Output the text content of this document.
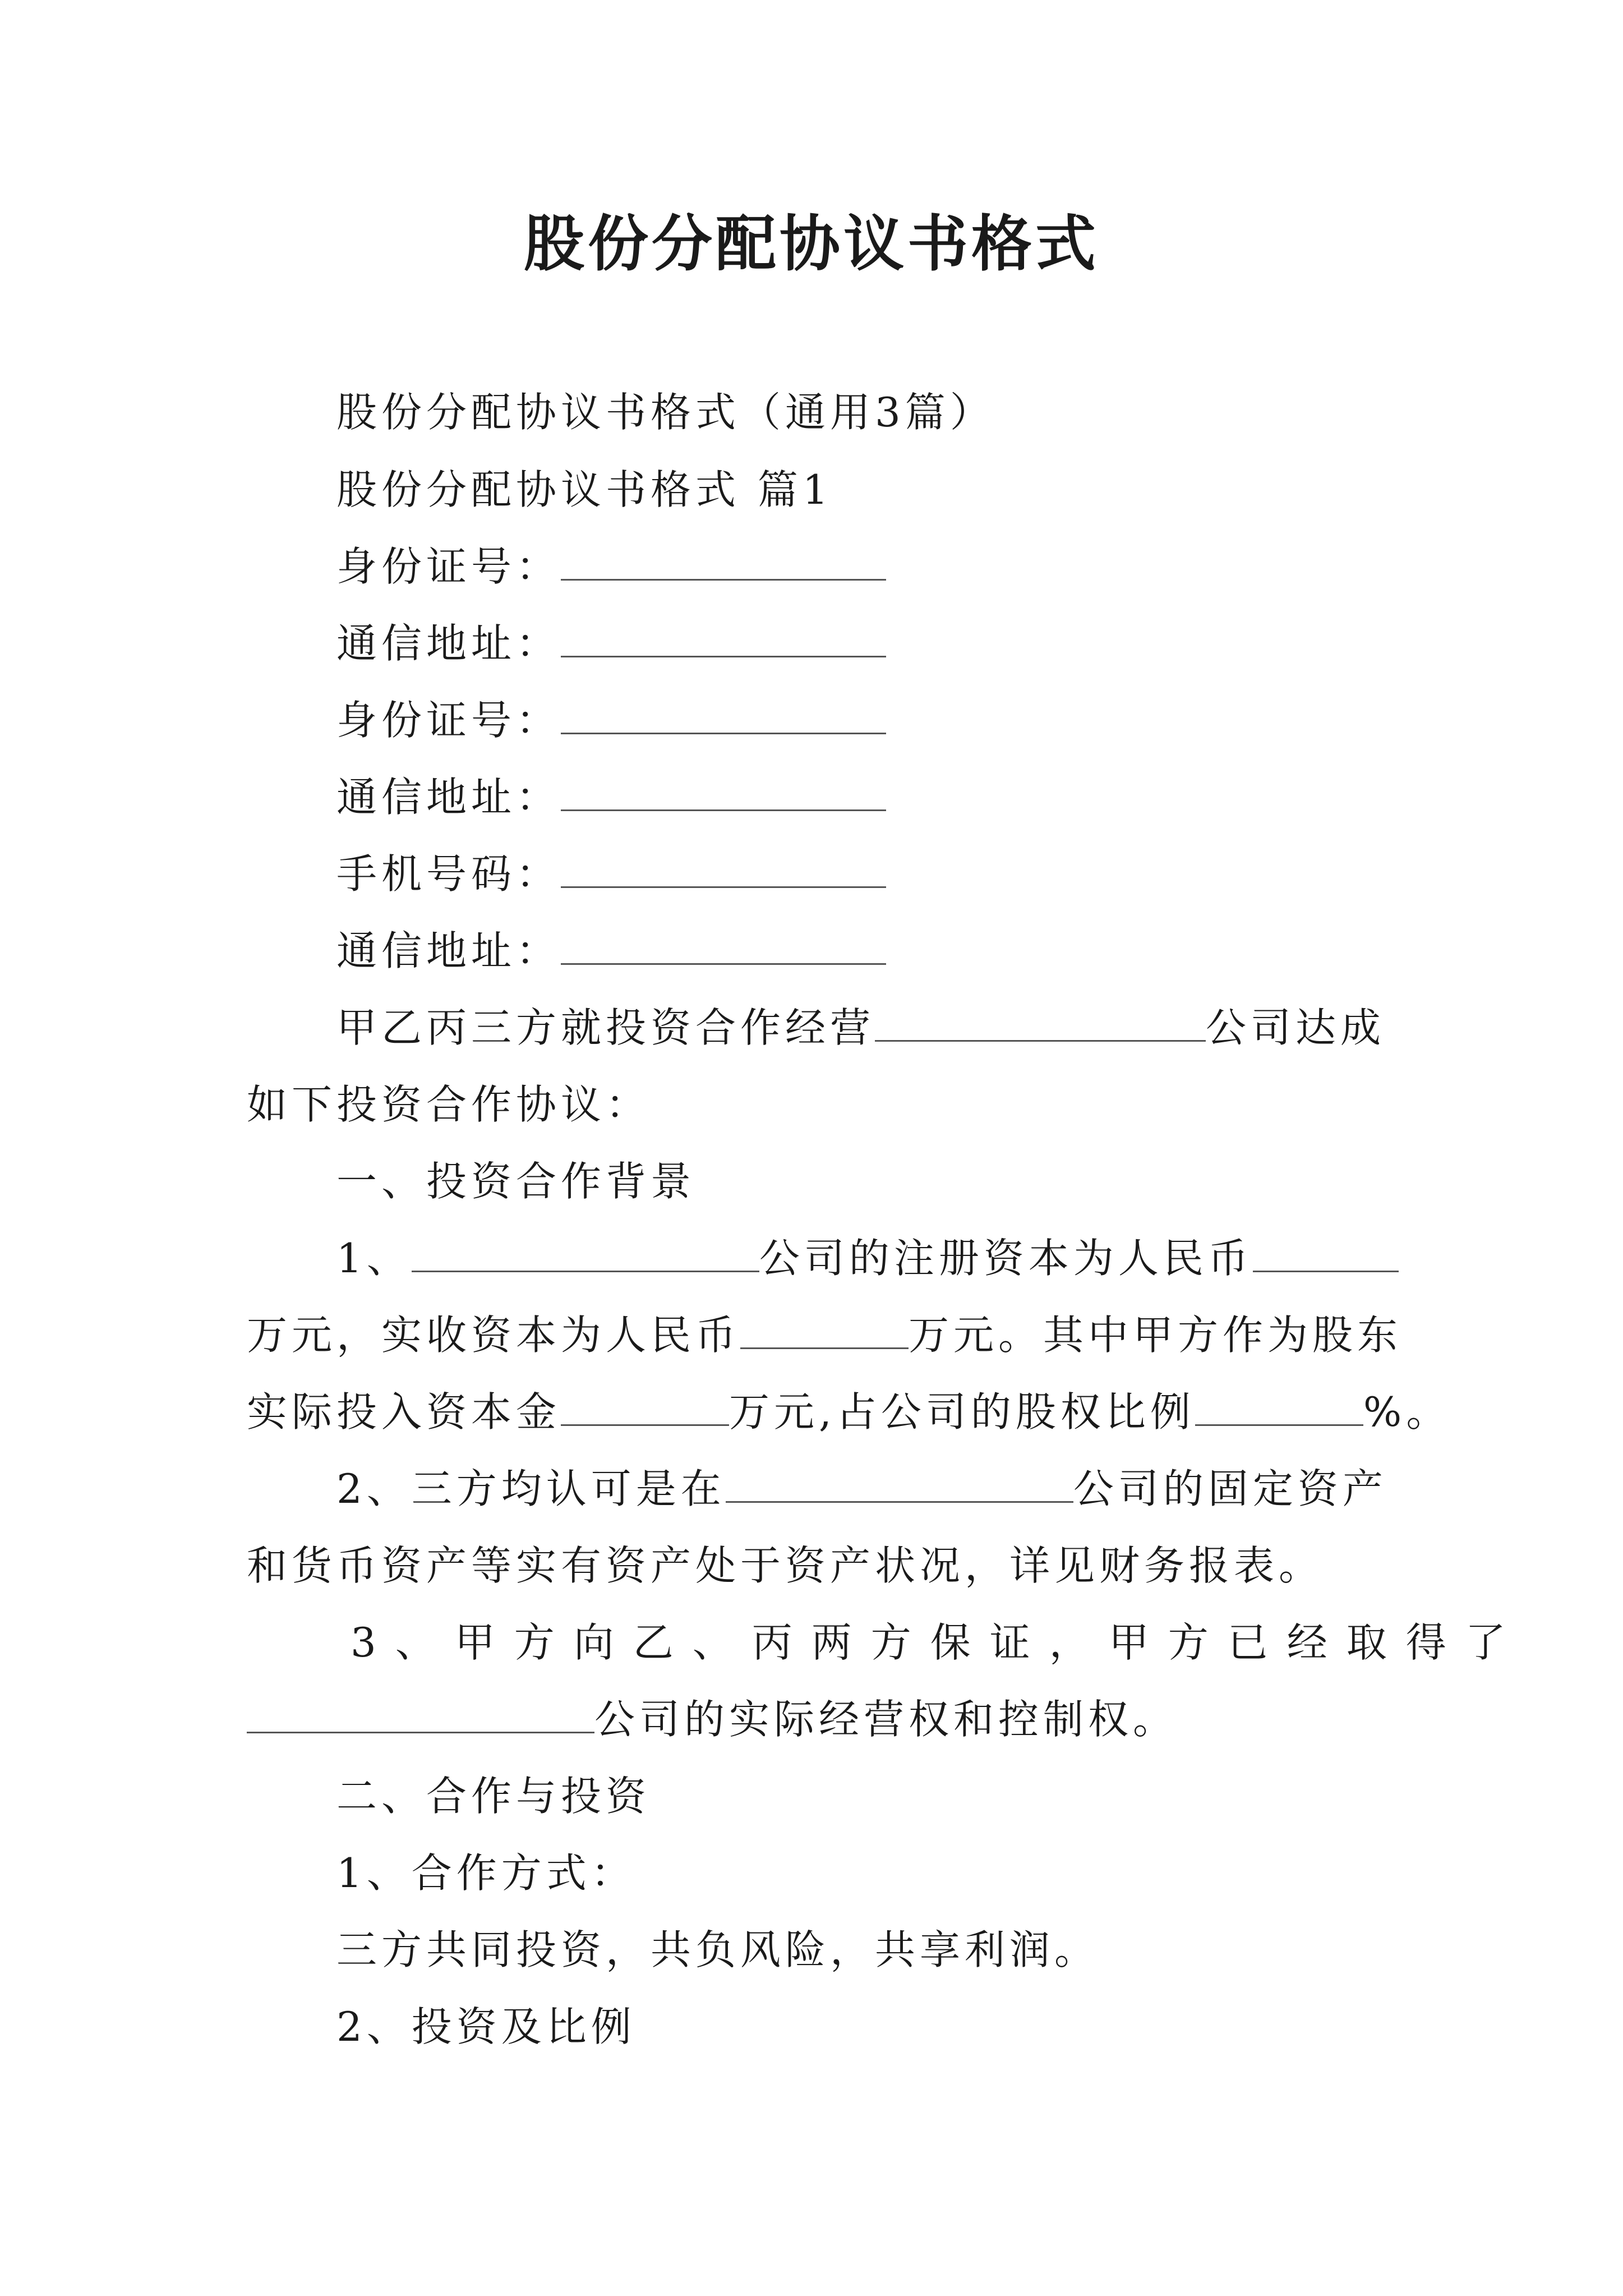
股份分配协议书格式
股份分配协议书格式（通用3篇）
股份分配协议书格式 篇1
身份证号：
通信地址：
身份证号：
通信地址：
手机号码：
通信地址：
甲乙丙三方就投资合作经营	公司达成
如下投资合作协议：
一、投资合作背景
1、	公司的注册资本为人民币
万元，实收资本为人民币	万元。其中甲方作为股东
实际投入资本金	万元,占公司的股权比例	%。
2、三方均认可是在	公司的固定资产
和货币资产等实有资产处于资产状况，详见财务报表。
3、甲方向乙、丙两方保证，甲方已经取得了
公司的实际经营权和控制权。
二、合作与投资
1、合作方式：
三方共同投资，共负风险，共享利润。
2、投资及比例
